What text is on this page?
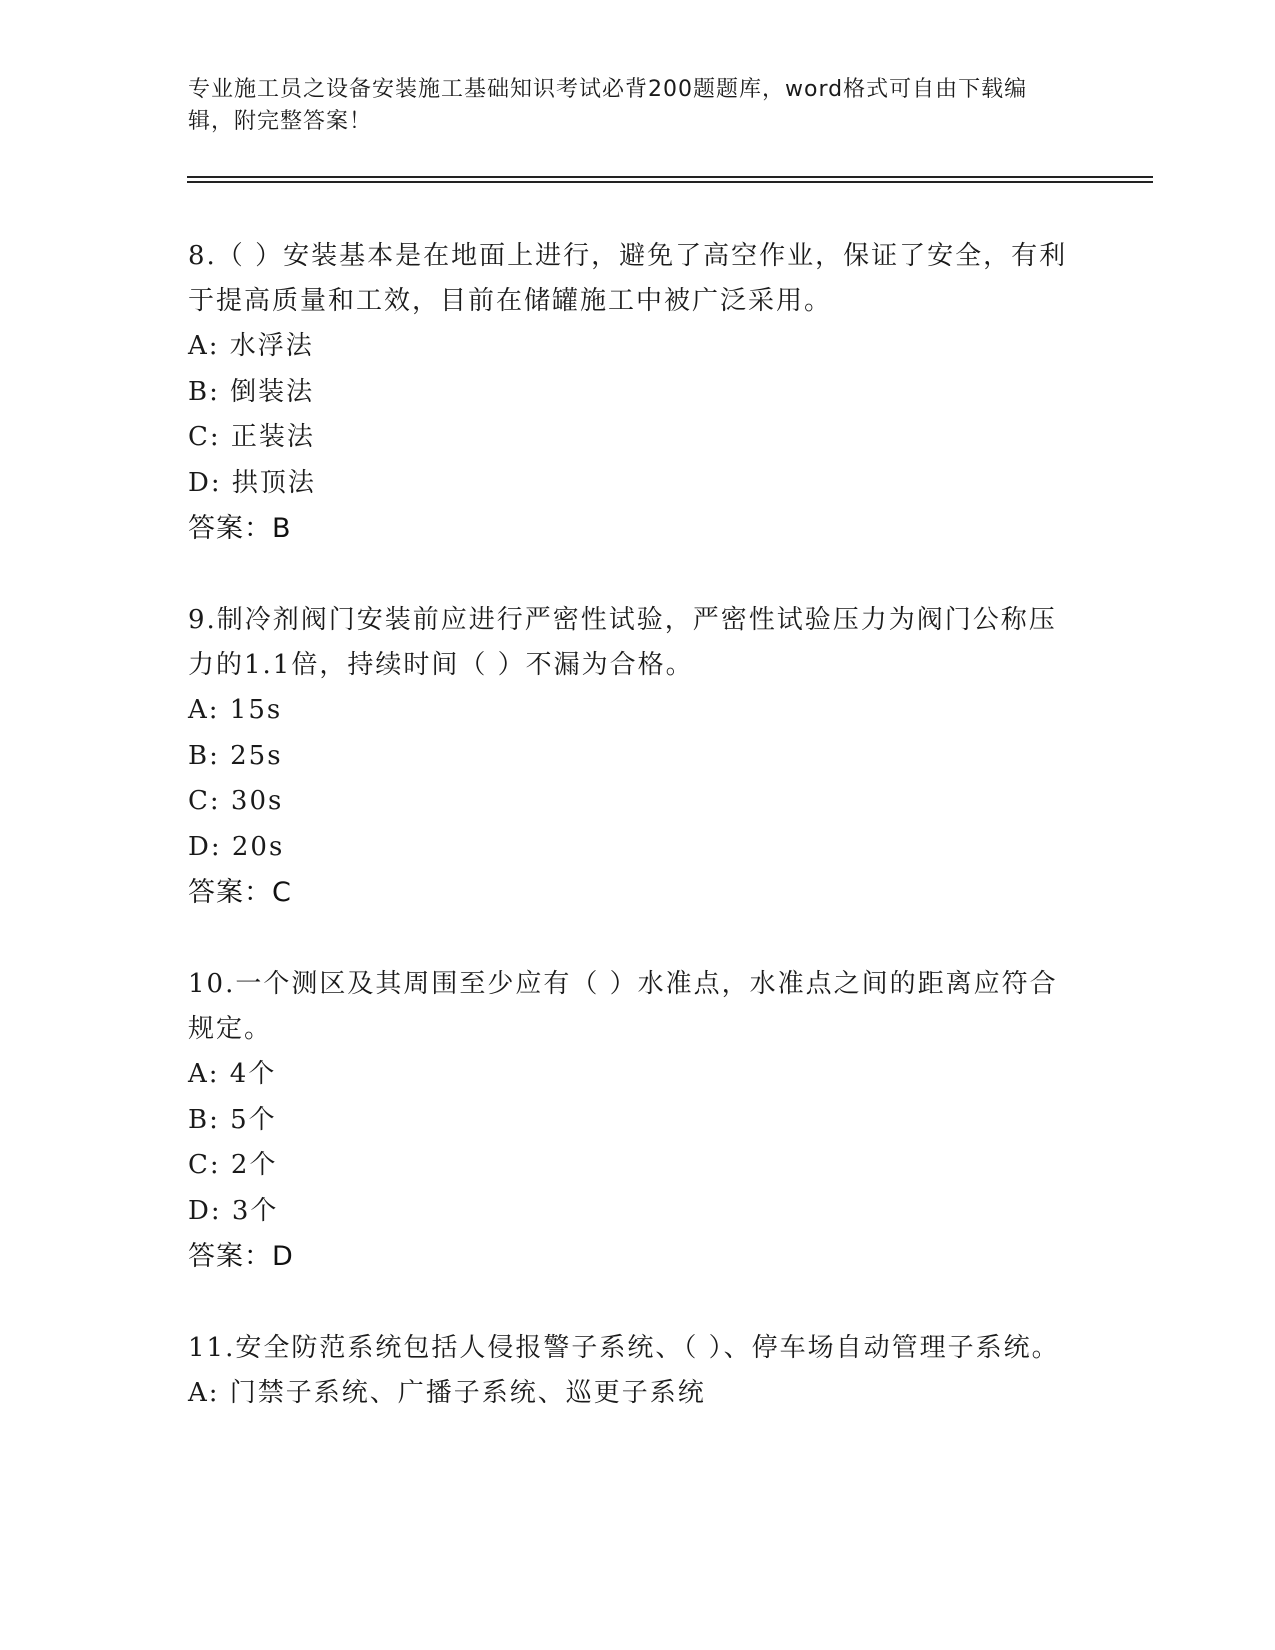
专业施工员之设备安装施工基础知识考试必背200题题库，word格式可自由下载编辑，附完整答案！

8.（ ）安装基本是在地面上进行，避免了高空作业，保证了安全，有利于提高质量和工效，目前在储罐施工中被广泛采用。

A: 水浮法

B: 倒装法

C: 正装法

D: 拱顶法

答案：B

9.制冷剂阀门安装前应进行严密性试验，严密性试验压力为阀门公称压力的1.1倍，持续时间（ ）不漏为合格。

A: 15s

B: 25s

C: 30s

D: 20s

答案：C

10.一个测区及其周围至少应有（ ）水准点，水准点之间的距离应符合规定。

A: 4个

B: 5个

C: 2个

D: 3个

答案：D

11.安全防范系统包括人侵报警子系统、（ ）、停车场自动管理子系统。

A: 门禁子系统、广播子系统、巡更子系统
